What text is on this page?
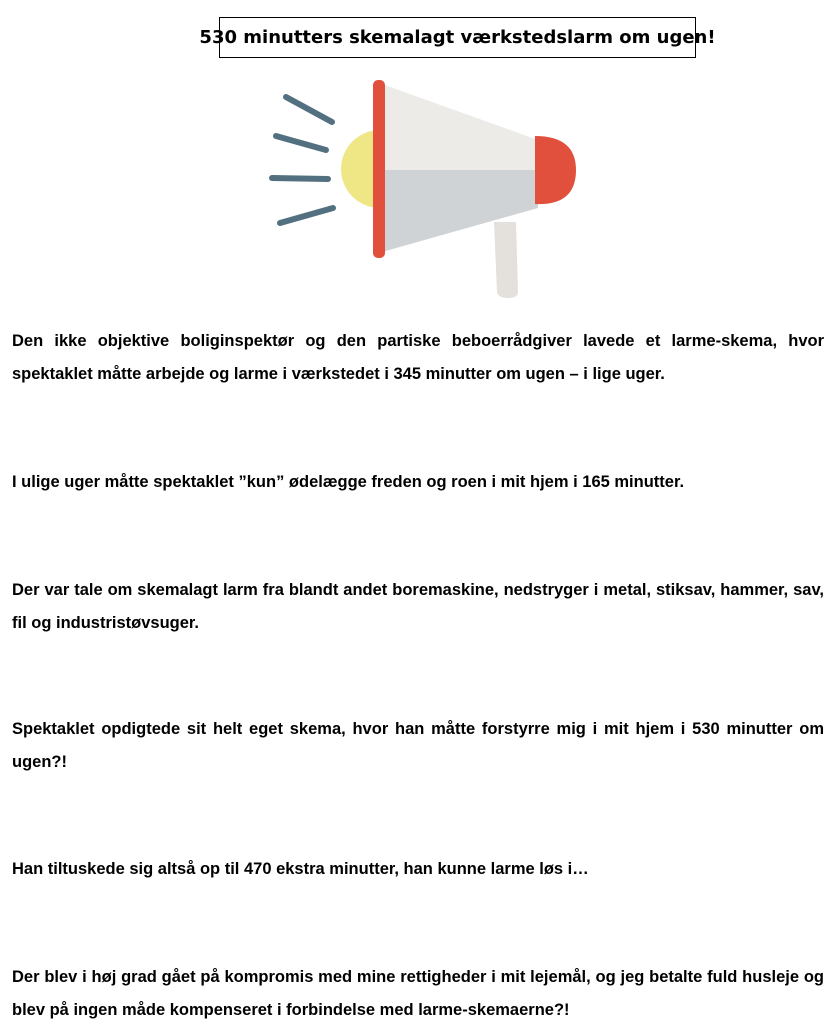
530 minutters skemalagt værkstedslarm om ugen!

Den ikke objektive boliginspektør og den partiske beboerrådgiver lavede et larme-skema, hvor spektaklet måtte arbejde og larme i værkstedet i 345 minutter om ugen – i lige uger.

I ulige uger måtte spektaklet ”kun” ødelægge freden og roen i mit hjem i 165 minutter.

Der var tale om skemalagt larm fra blandt andet boremaskine, nedstryger i metal, stiksav, hammer, sav, fil og industristøvsuger.

Spektaklet opdigtede sit helt eget skema, hvor han måtte forstyrre mig i mit hjem i 530 minutter om ugen?!

Han tiltuskede sig altså op til 470 ekstra minutter, han kunne larme løs i…

Der blev i høj grad gået på kompromis med mine rettigheder i mit lejemål, og jeg betalte fuld husleje og blev på ingen måde kompenseret i forbindelse med larme-skemaerne?!
